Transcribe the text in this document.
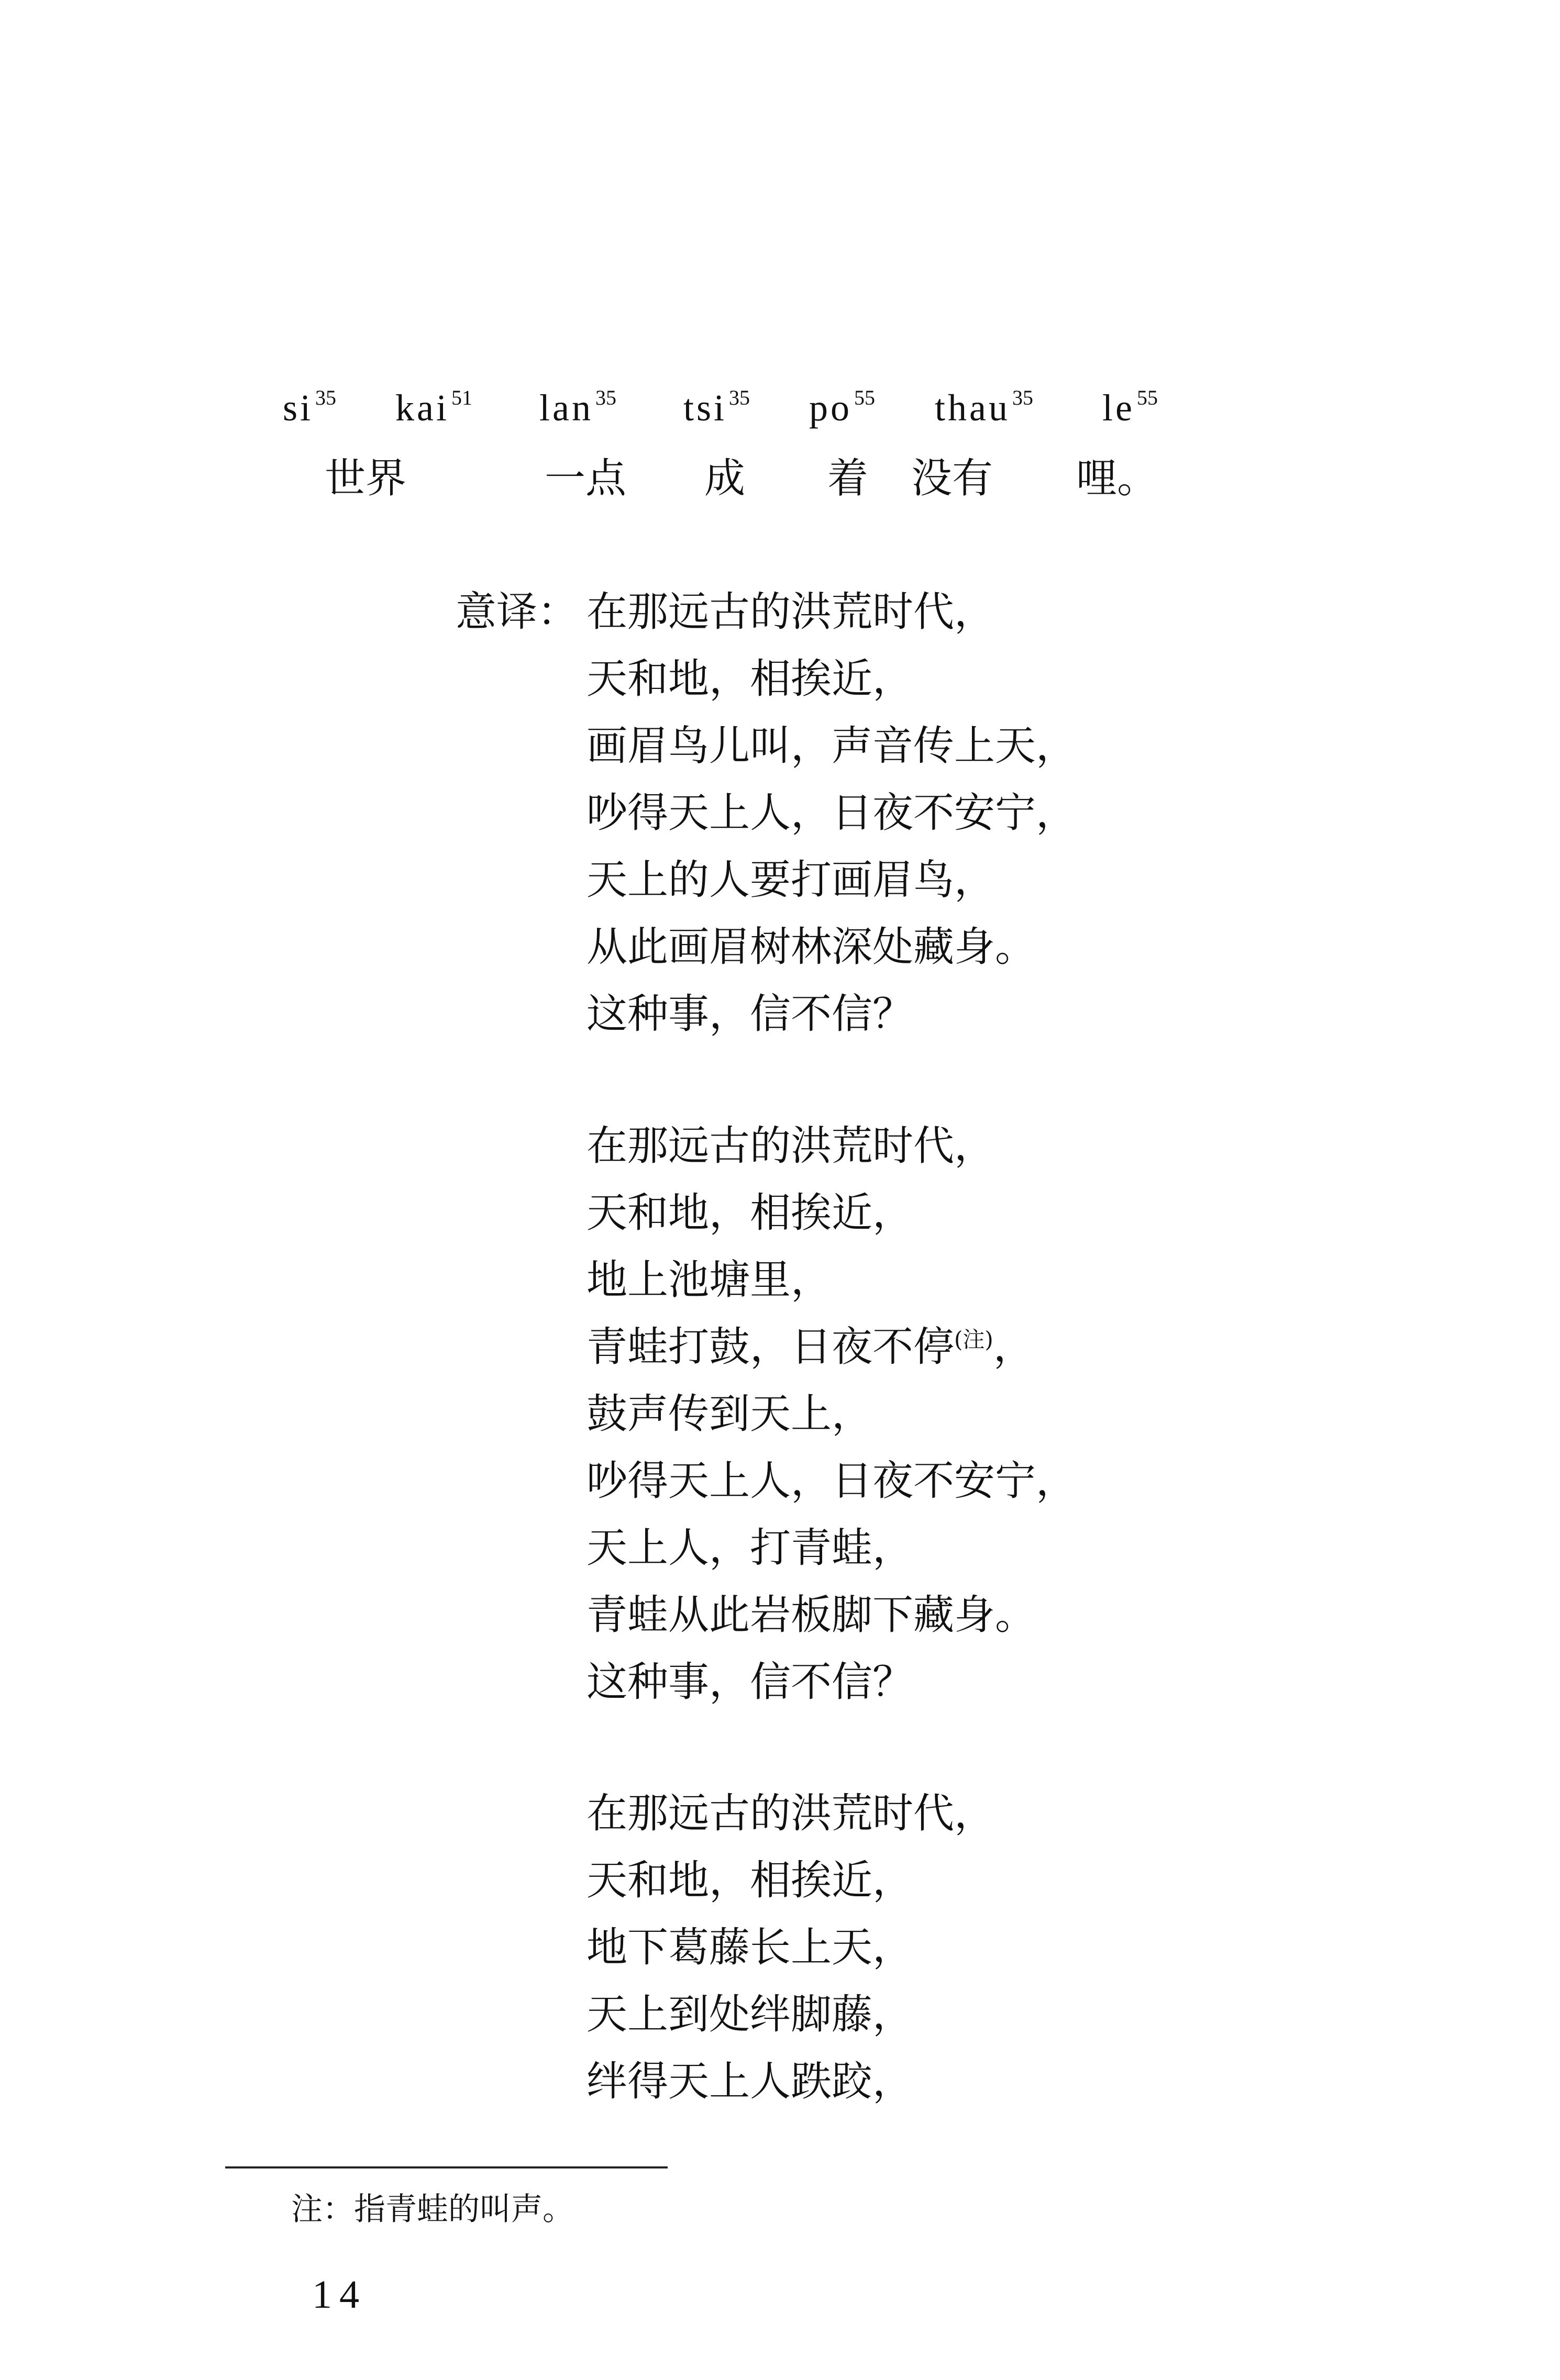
si $^{35}$ kai $^{51}$ lan $^{35}$ tsi $^{35}$ po $^{55}$ thau $^{35}$ le $^{55}$
世界	一点 成 着 没有 哩。
意译： 在那远古的洪荒时代，
天和地，相挨近，
画眉鸟儿叫，声音传上天，
吵得天上人，日夜不安宁，
天上的人要打画眉鸟，
从此画眉树林深处藏身。
这种事，信不信？
在那远古的洪荒时代，
天和地，相挨近，
地上池塘里，
青蛙打鼓，日夜不停$^{(注)}$，
鼓声传到天上，
吵得天上人，日夜不安宁，
天上人，打青蛙，
青蛙从此岩板脚下藏身。
这种事，信不信？
在那远古的洪荒时代，
天和地，相挨近，
地下葛藤长上天，
天上到处绊脚藤，
绊得天上人跌跤，
注：指青蛙的叫声。
14
